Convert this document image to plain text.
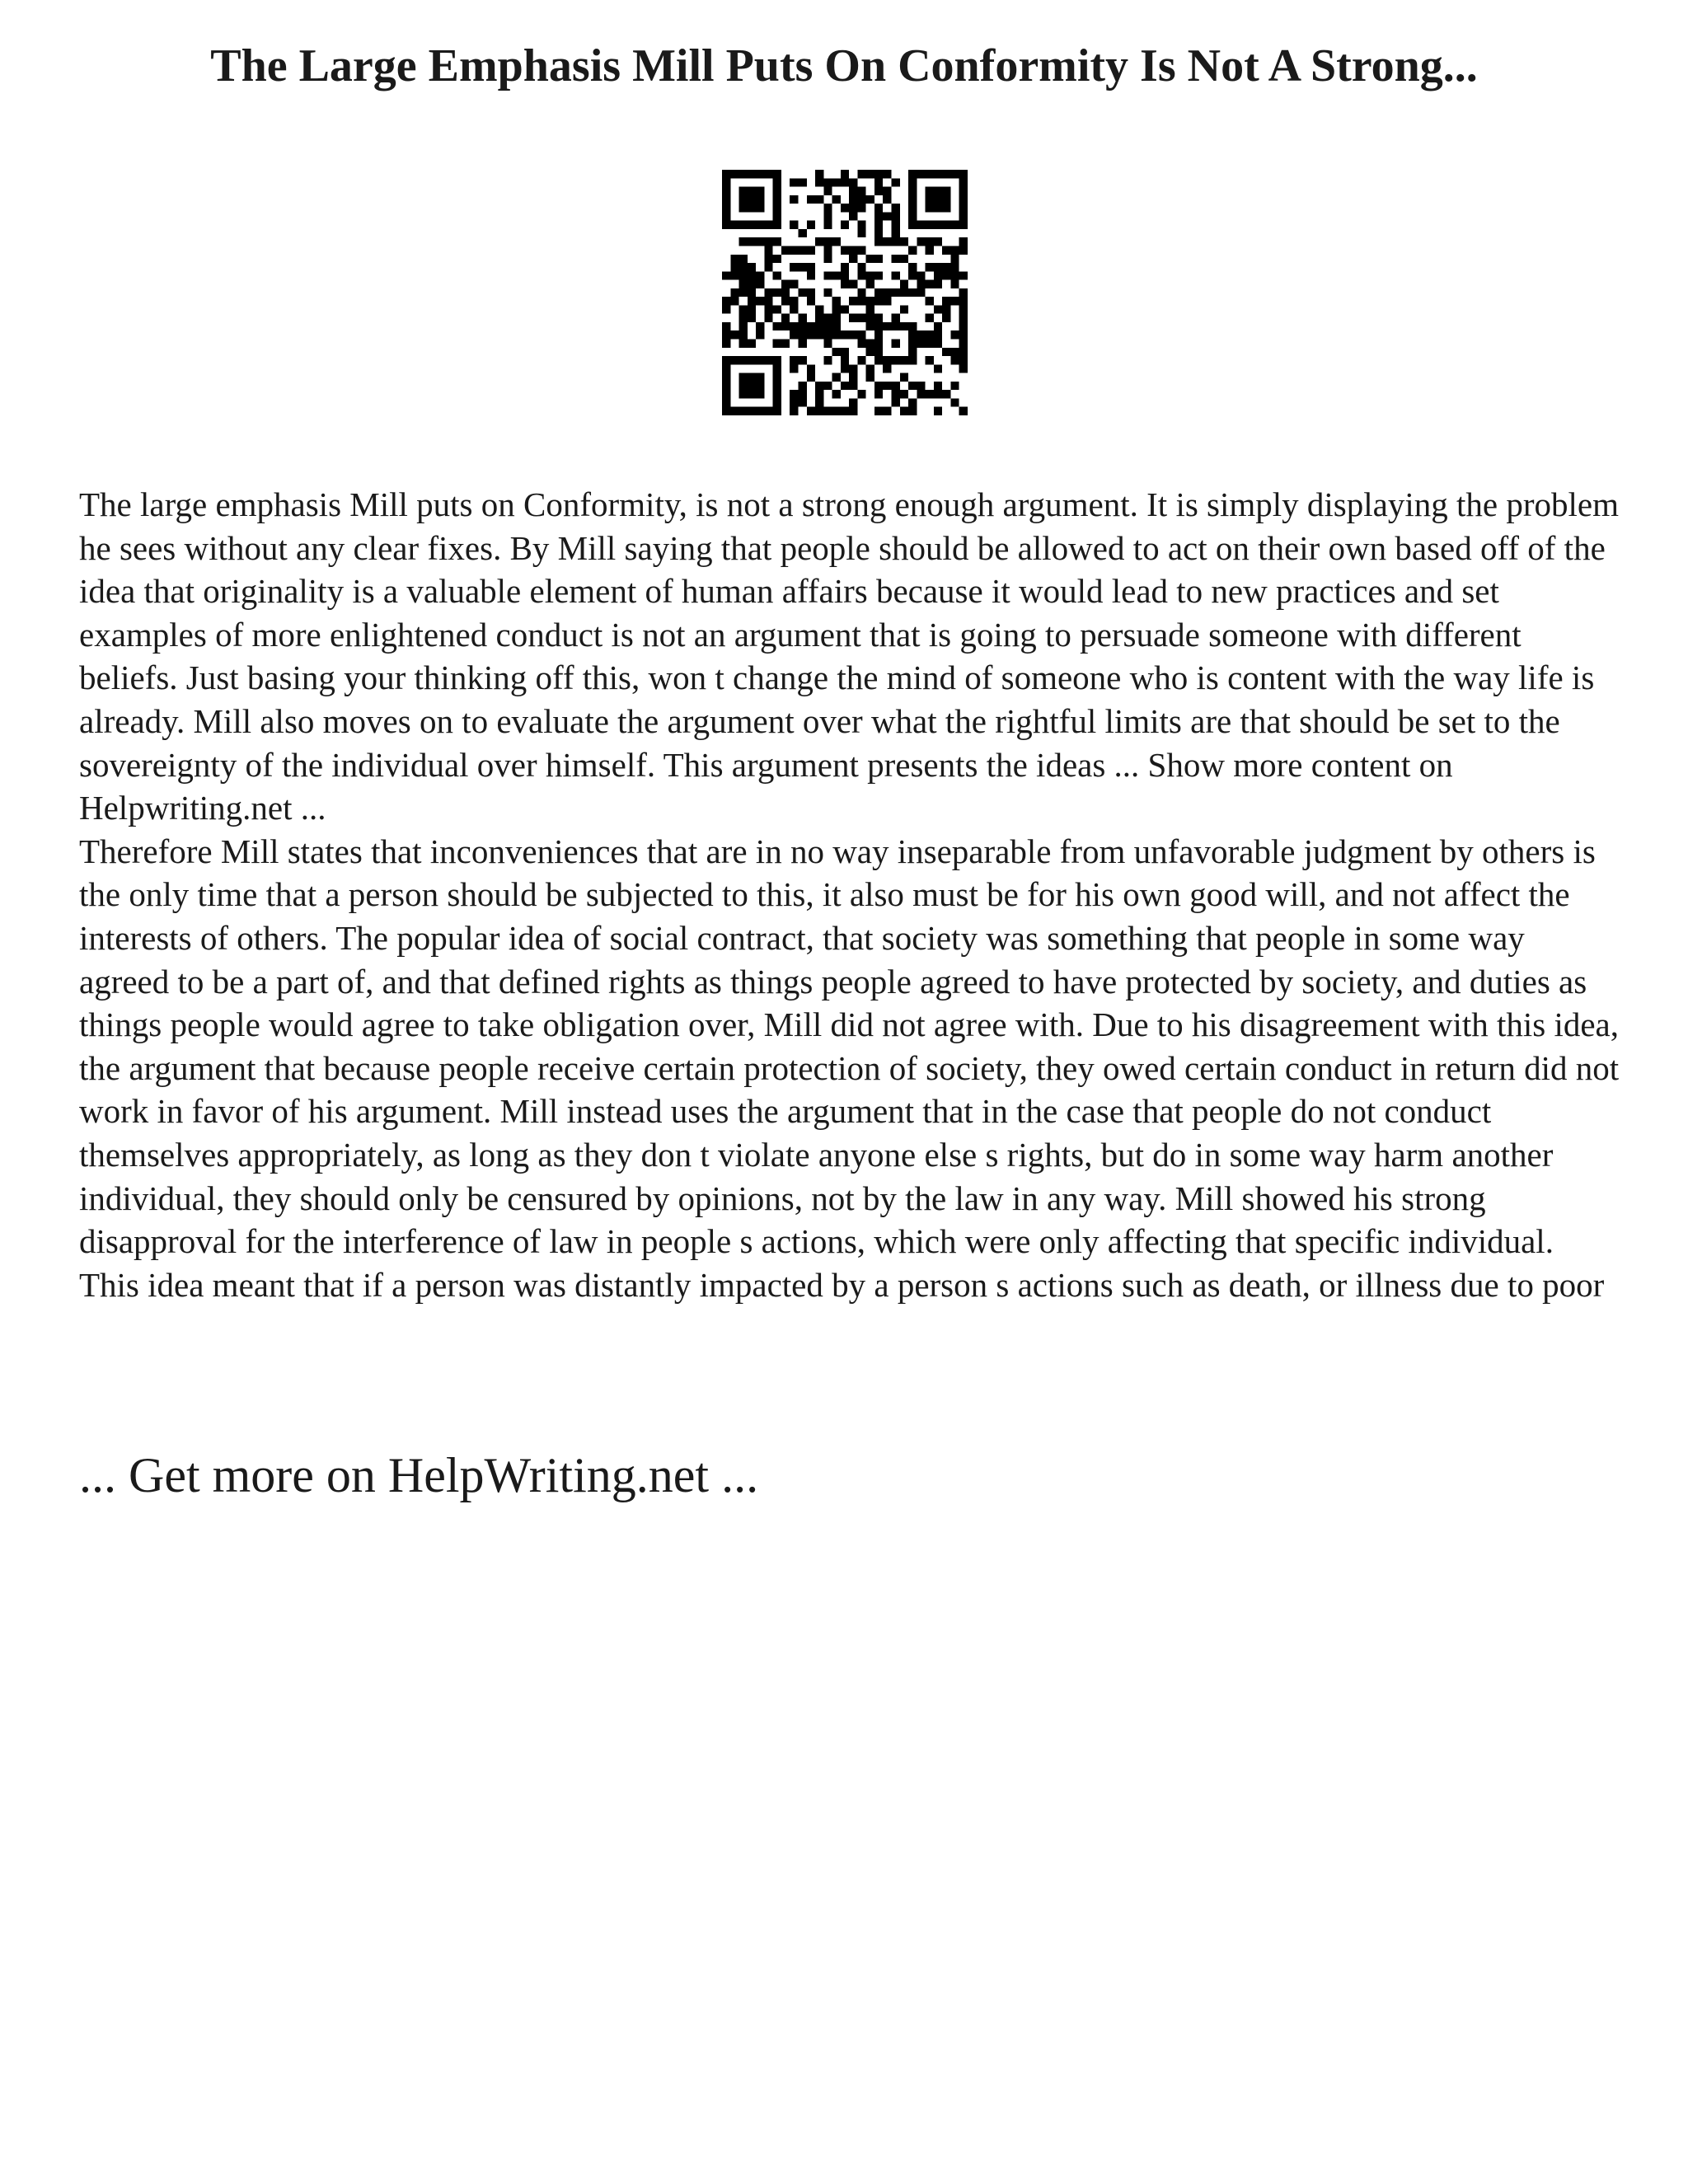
The Large Emphasis Mill Puts On Conformity Is Not A Strong...

The large emphasis Mill puts on Conformity, is not a strong enough argument. It is simply displaying the problem he sees without any clear fixes. By Mill saying that people should be allowed to act on their own based off of the idea that originality is a valuable element of human affairs because it would lead to new practices and set examples of more enlightened conduct is not an argument that is going to persuade someone with different beliefs. Just basing your thinking off this, won t change the mind of someone who is content with the way life is already. Mill also moves on to evaluate the argument over what the rightful limits are that should be set to the sovereignty of the individual over himself. This argument presents the ideas ... Show more content on Helpwriting.net ...

Therefore Mill states that inconveniences that are in no way inseparable from unfavorable judgment by others is the only time that a person should be subjected to this, it also must be for his own good will, and not affect the interests of others. The popular idea of social contract, that society was something that people in some way agreed to be a part of, and that defined rights as things people agreed to have protected by society, and duties as things people would agree to take obligation over, Mill did not agree with. Due to his disagreement with this idea, the argument that because people receive certain protection of society, they owed certain conduct in return did not work in favor of his argument. Mill instead uses the argument that in the case that people do not conduct themselves appropriately, as long as they don t violate anyone else s rights, but do in some way harm another individual, they should only be censured by opinions, not by the law in any way. Mill showed his strong disapproval for the interference of law in people s actions, which were only affecting that specific individual. This idea meant that if a person was distantly impacted by a person s actions such as death, or illness due to poor

... Get more on HelpWriting.net ...
